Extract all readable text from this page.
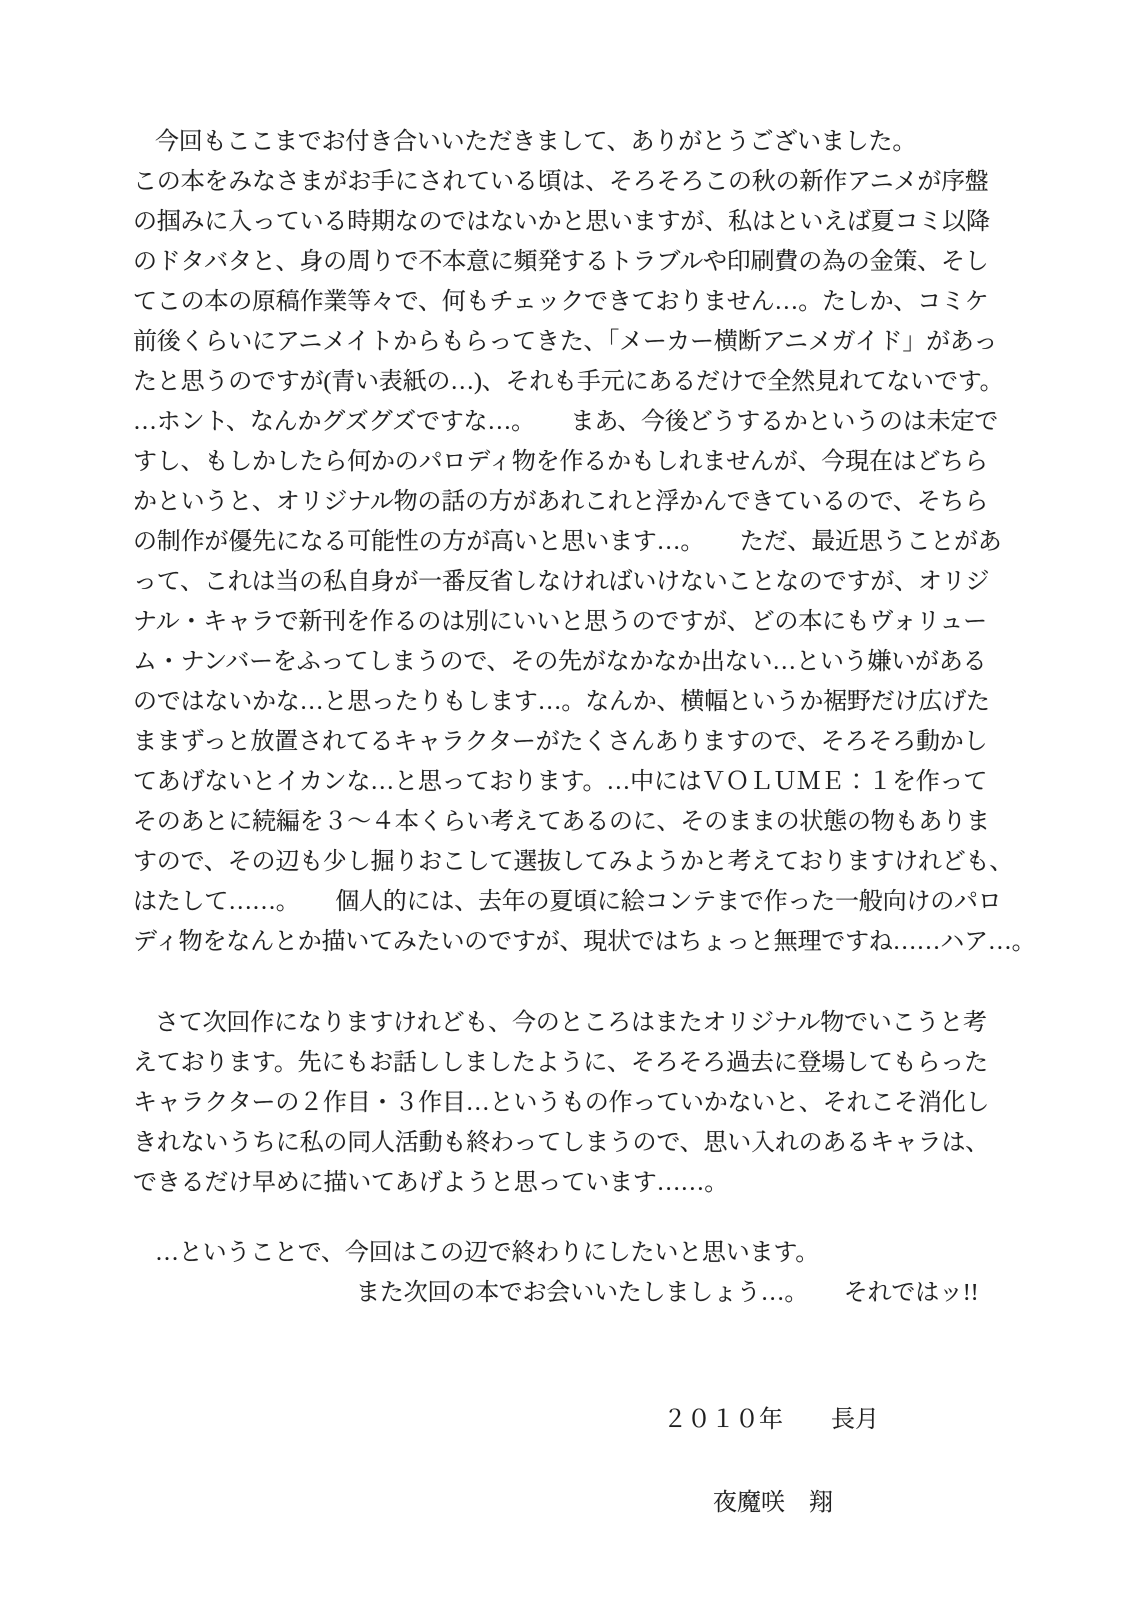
今回もここまでお付き合いいただきまして、ありがとうございました。
この本をみなさまがお手にされている頃は、そろそろこの秋の新作アニメが序盤
の掴みに入っている時期なのではないかと思いますが、私はといえば夏コミ以降
のドタバタと、身の周りで不本意に頻発するトラブルや印刷費の為の金策、そし
てこの本の原稿作業等々で、何もチェックできておりません…。たしか、コミケ
前後くらいにアニメイトからもらってきた、「メーカー横断アニメガイド」があっ
たと思うのですが(青い表紙の…)、それも手元にあるだけで全然見れてないです。
…ホント、なんかグズグズですな…。　　まあ、今後どうするかというのは未定で
すし、もしかしたら何かのパロディ物を作るかもしれませんが、今現在はどちら
かというと、オリジナル物の話の方があれこれと浮かんできているので、そちら
の制作が優先になる可能性の方が高いと思います…。　　ただ、最近思うことがあ
って、これは当の私自身が一番反省しなければいけないことなのですが、オリジ
ナル・キャラで新刊を作るのは別にいいと思うのですが、どの本にもヴォリュー
ム・ナンバーをふってしまうので、その先がなかなか出ない…という嫌いがある
のではないかな…と思ったりもします…。なんか、横幅というか裾野だけ広げた
ままずっと放置されてるキャラクターがたくさんありますので、そろそろ動かし
てあげないとイカンな…と思っております。…中にはＶＯＬＵＭＥ：１を作って
そのあとに続編を３～４本くらい考えてあるのに、そのままの状態の物もありま
すので、その辺も少し掘りおこして選抜してみようかと考えておりますけれども、
はたして……。　　個人的には、去年の夏頃に絵コンテまで作った一般向けのパロ
ディ物をなんとか描いてみたいのですが、現状ではちょっと無理ですね……ハア…。
さて次回作になりますけれども、今のところはまたオリジナル物でいこうと考
えております。先にもお話ししましたように、そろそろ過去に登場してもらった
キャラクターの２作目・３作目…というもの作っていかないと、それこそ消化し
きれないうちに私の同人活動も終わってしまうので、思い入れのあるキャラは、
できるだけ早めに描いてあげようと思っています……。
…ということで、今回はこの辺で終わりにしたいと思います。
また次回の本でお会いいたしましょう…。　　それではッ!!
２０１０年　　長月
夜魔咲　翔
